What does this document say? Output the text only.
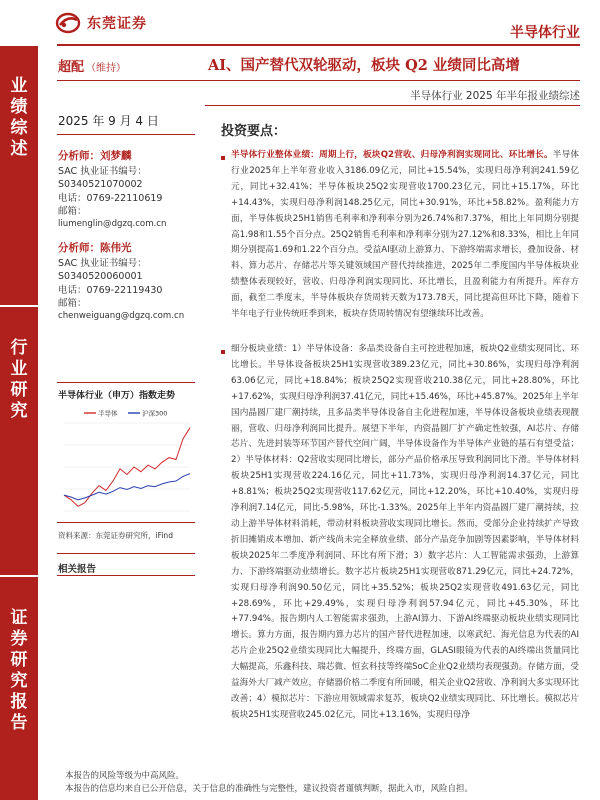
东莞证券
半导体行业
业绩综述
行业研究
证券研究报告
超配 （维持）	AI、国产替代双轮驱动，板块 Q2 业绩同比高增
半导体行业 2025 年半年报业绩综述
2025 年 9 月 4 日
分析师：刘梦麟
SAC 执业证书编号：
S0340521070002
电话：0769-22110619
邮箱：
liumenglin@dgzq.com.cn
分析师：陈伟光
SAC 执业证书编号：
S0340520060001
电话：0769-22119430
邮箱：
chenweiguang@dgzq.com.cn
半导体行业（申万）指数走势
半导体	沪深300
资料来源：东莞证券研究所，iFind
相关报告
投资要点：
半导体行业整体业绩：周期上行，板块Q2营收、归母净利润实现同比、环比增长。半导体行业2025年上半年营业收入3186.09亿元，同比+15.54%，实现归母净利润241.59亿元，同比+32.41%；半导体板块25Q2实现营收1700.23亿元，同比+15.17%，环比+14.43%，实现归母净利润148.25亿元，同比+30.91%，环比+58.82%。盈利能力方面，半导体板块25H1销售毛利率和净利率分别为26.74%和7.37%，相比上年同期分别提高1.98和1.55个百分点。25Q2销售毛利率和净利率分别为27.12%和8.33%，相比上年同期分别提高1.69和1.22个百分点。受益AI驱动上游算力、下游终端需求增长，叠加设备、材料、算力芯片、存储芯片等关键领域国产替代持续推进，2025年二季度国内半导体板块业绩整体表现较好，营收、归母净利润实现同比、环比增长，且盈利能力有所提升。库存方面，截至二季度末，半导体板块存货周转天数为173.78天，同比提高但环比下降，随着下半年电子行业传统旺季到来，板块存货周转情况有望继续环比改善。
细分板块业绩：1）半导体设备：多品类设备自主可控进程加速，板块Q2业绩实现同比、环比增长。半导体设备板块25H1实现营收389.23亿元，同比+30.86%，实现归母净利润63.06亿元，同比+18.84%；板块25Q2实现营收210.38亿元，同比+28.80%，环比+17.62%，实现归母净利润37.41亿元，同比+15.46%，环比+45.87%。2025年上半年国内晶圆厂建厂潮持续，且多品类半导体设备自主化进程加速，半导体设备板块业绩表现靓丽，营收、归母净利润同比提升。展望下半年，内资晶圆厂扩产确定性较强，AI芯片、存储芯片、先进封装等环节国产替代空间广阔，半导体设备作为半导体产业链的基石有望受益；2）半导体材料：Q2营收实现同比增长，部分产品价格承压导致利润同比下滑。半导体材料板块25H1实现营收224.16亿元，同比+11.73%，实现归母净利润14.37亿元，同比+8.81%；板块25Q2实现营收117.62亿元，同比+12.20%，环比+10.40%，实现归母净利润7.14亿元，同比-5.98%，环比-1.33%。2025年上半年内资晶圆厂建厂潮持续，拉动上游半导体材料消耗，带动材料板块营收实现同比增长。然而，受部分企业持续扩产导致折旧摊销成本增加、新产线尚未完全释放业绩、部分产品竞争加剧等因素影响，半导体材料板块2025年二季度净利润同、环比有所下滑；3）数字芯片：人工智能需求强劲，上游算力、下游终端驱动业绩增长。数字芯片板块25H1实现营收871.29亿元，同比+24.72%，实现归母净利润90.50亿元，同比+35.52%；板块25Q2实现营收491.63亿元，同比+28.69%，环比+29.49%，实现归母净利润57.94亿元，同比+45.30%，环比+77.94%。报告期内人工智能需求强劲，上游AI算力、下游AI终端驱动板块业绩实现同比增长。算力方面，报告期内算力芯片的国产替代进程加速，以寒武纪、海光信息为代表的AI芯片企业25Q2业绩实现同比大幅提升，终端方面，GLASI眼镜为代表的AI终端出货量同比大幅提高，乐鑫科技、瑞芯微、恒玄科技等终端SoC企业Q2业绩均表现强劲。存储方面，受益海外大厂减产效应，存储器价格二季度有所回暖，相关企业Q2营收、净利润大多实现环比改善；4）模拟芯片：下游应用领域需求复苏，板块Q2业绩实现同比、环比增长。模拟芯片板块25H1实现营收245.02亿元，同比+13.16%，实现归母净
本报告的风险等级为中高风险。
本报告的信息均来自已公开信息，关于信息的准确性与完整性，建议投资者谨慎判断，据此入市，风险自担。
